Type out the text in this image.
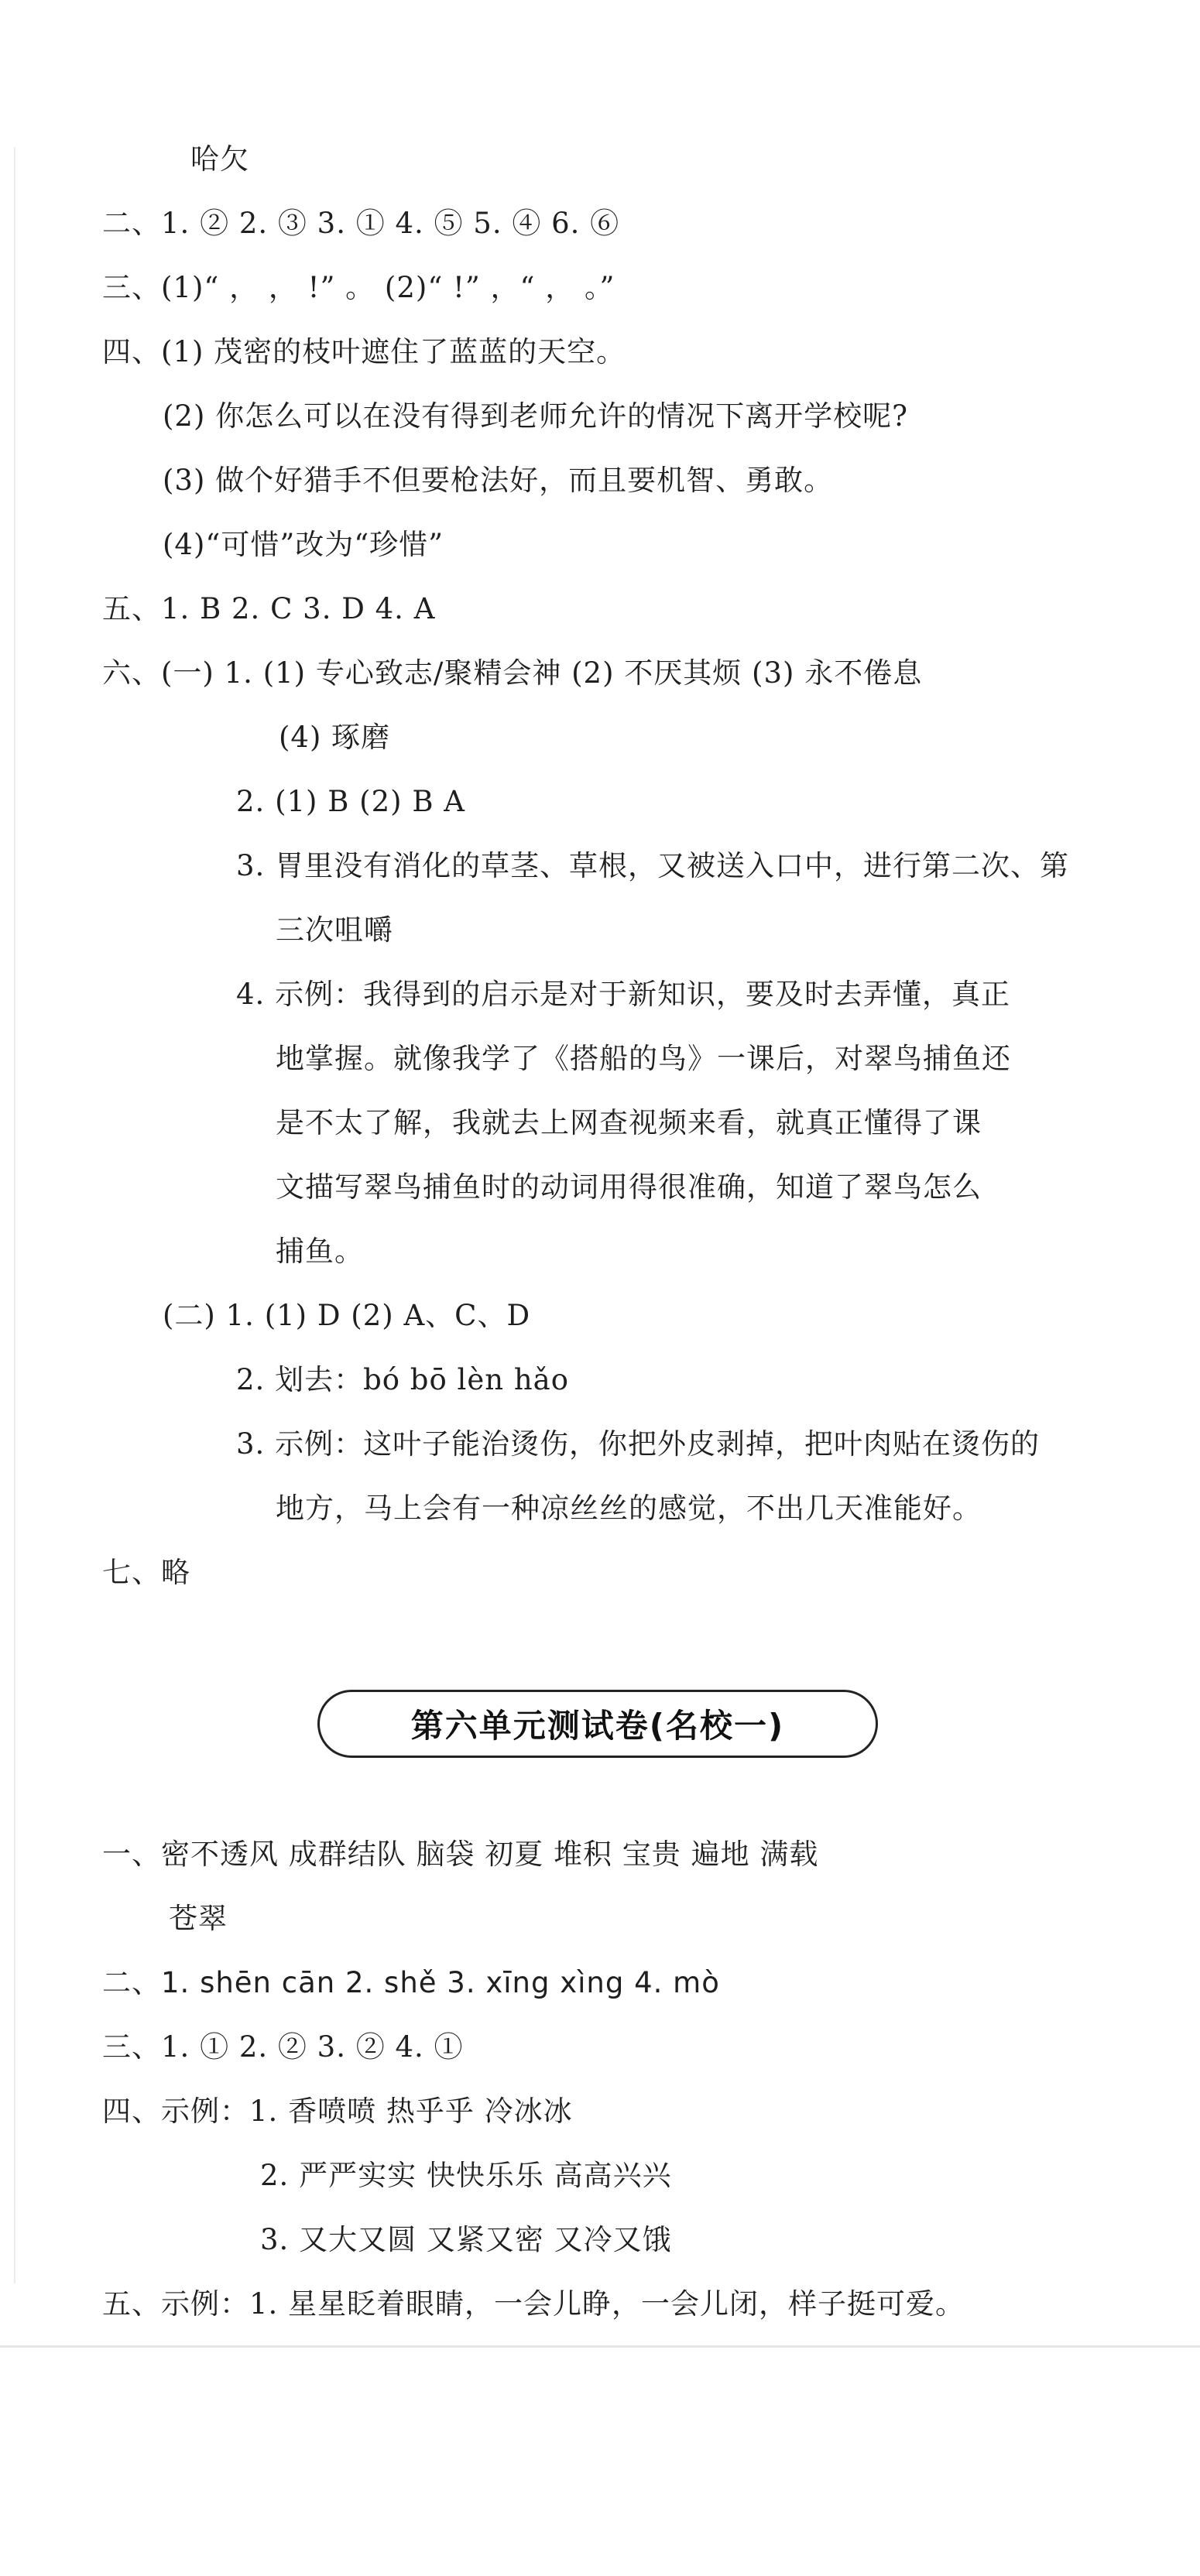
哈欠
二、1. ② 2. ③ 3. ① 4. ⑤ 5. ④ 6. ⑥
三、(1)“ ， ， !” 。 (2)“ !” ，“ ， 。”
四、(1) 茂密的枝叶遮住了蓝蓝的天空。
(2) 你怎么可以在没有得到老师允许的情况下离开学校呢?
(3) 做个好猎手不但要枪法好，而且要机智、勇敢。
(4)“可惜”改为“珍惜”
五、1. B 2. C 3. D 4. A
六、(一) 1. (1) 专心致志/聚精会神 (2) 不厌其烦 (3) 永不倦息
(4) 琢磨
2. (1) B (2) B A
3. 胃里没有消化的草茎、草根，又被送入口中，进行第二次、第
三次咀嚼
4. 示例：我得到的启示是对于新知识，要及时去弄懂，真正
地掌握。就像我学了《搭船的鸟》一课后，对翠鸟捕鱼还
是不太了解，我就去上网查视频来看，就真正懂得了课
文描写翠鸟捕鱼时的动词用得很准确，知道了翠鸟怎么
捕鱼。
(二) 1. (1) D (2) A、C、D
2. 划去：bó bō lèn hǎo
3. 示例：这叶子能治烫伤，你把外皮剥掉，把叶肉贴在烫伤的
地方，马上会有一种凉丝丝的感觉，不出几天准能好。
七、略
第六单元测试卷(名校一)
一、密不透风 成群结队 脑袋 初夏 堆积 宝贵 遍地 满载
苍翠
二、1. shēn cān 2. shě 3. xīng xìng 4. mò
三、1. ① 2. ② 3. ② 4. ①
四、示例：1. 香喷喷 热乎乎 冷冰冰
2. 严严实实 快快乐乐 高高兴兴
3. 又大又圆 又紧又密 又冷又饿
五、示例：1. 星星眨着眼睛，一会儿睁，一会儿闭，样子挺可爱。
